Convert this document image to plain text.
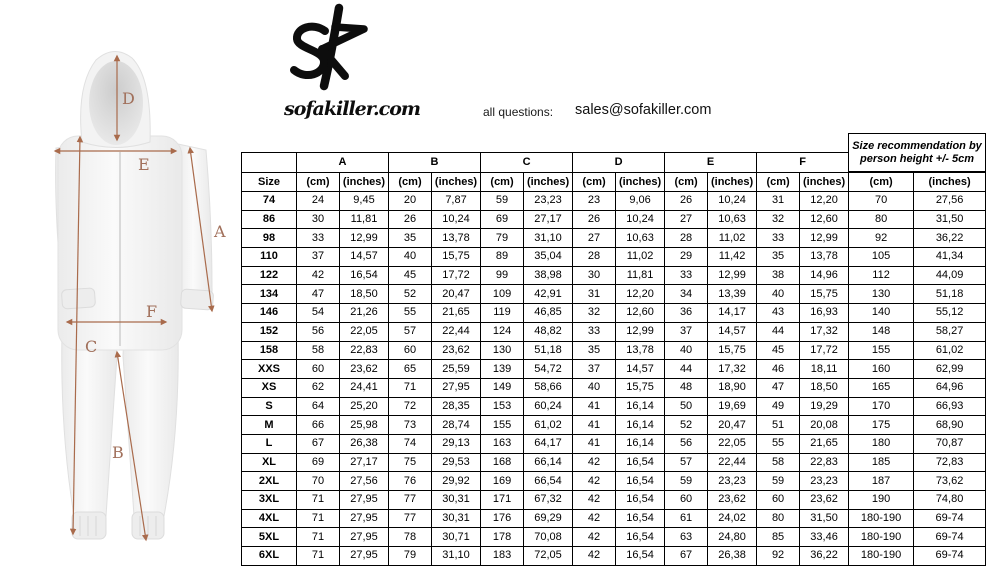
D
E
A
C
F
B
sofakiller.com	all questions: sales@sofakiller.com
Size recommendation by
person height +/- 5cm
	A		B		C		D		E		F			
Size	(cm)	(inches)	(cm)	(inches)	(cm)	(inches)	(cm)	(inches)	(cm)	(inches)	(cm)	(inches)	(cm)	(inches)
74	24	9,45	20	7,87	59	23,23	23	9,06	26	10,24	31	12,20	70	27,56
86	30	11,81	26	10,24	69	27,17	26	10,24	27	10,63	32	12,60	80	31,50
98	33	12,99	35	13,78	79	31,10	27	10,63	28	11,02	33	12,99	92	36,22
110	37	14,57	40	15,75	89	35,04	28	11,02	29	11,42	35	13,78	105	41,34
122	42	16,54	45	17,72	99	38,98	30	11,81	33	12,99	38	14,96	112	44,09
134	47	18,50	52	20,47	109	42,91	31	12,20	34	13,39	40	15,75	130	51,18
146	54	21,26	55	21,65	119	46,85	32	12,60	36	14,17	43	16,93	140	55,12
152	56	22,05	57	22,44	124	48,82	33	12,99	37	14,57	44	17,32	148	58,27
158	58	22,83	60	23,62	130	51,18	35	13,78	40	15,75	45	17,72	155	61,02
XXS	60	23,62	65	25,59	139	54,72	37	14,57	44	17,32	46	18,11	160	62,99
XS	62	24,41	71	27,95	149	58,66	40	15,75	48	18,90	47	18,50	165	64,96
S	64	25,20	72	28,35	153	60,24	41	16,14	50	19,69	49	19,29	170	66,93
M	66	25,98	73	28,74	155	61,02	41	16,14	52	20,47	51	20,08	175	68,90
L	67	26,38	74	29,13	163	64,17	41	16,14	56	22,05	55	21,65	180	70,87
XL	69	27,17	75	29,53	168	66,14	42	16,54	57	22,44	58	22,83	185	72,83
2XL	70	27,56	76	29,92	169	66,54	42	16,54	59	23,23	59	23,23	187	73,62
3XL	71	27,95	77	30,31	171	67,32	42	16,54	60	23,62	60	23,62	190	74,80
4XL	71	27,95	77	30,31	176	69,29	42	16,54	61	24,02	80	31,50	180-190	69-74
5XL	71	27,95	78	30,71	178	70,08	42	16,54	63	24,80	85	33,46	180-190	69-74
6XL	71	27,95	79	31,10	183	72,05	42	16,54	67	26,38	92	36,22	180-190	69-74
